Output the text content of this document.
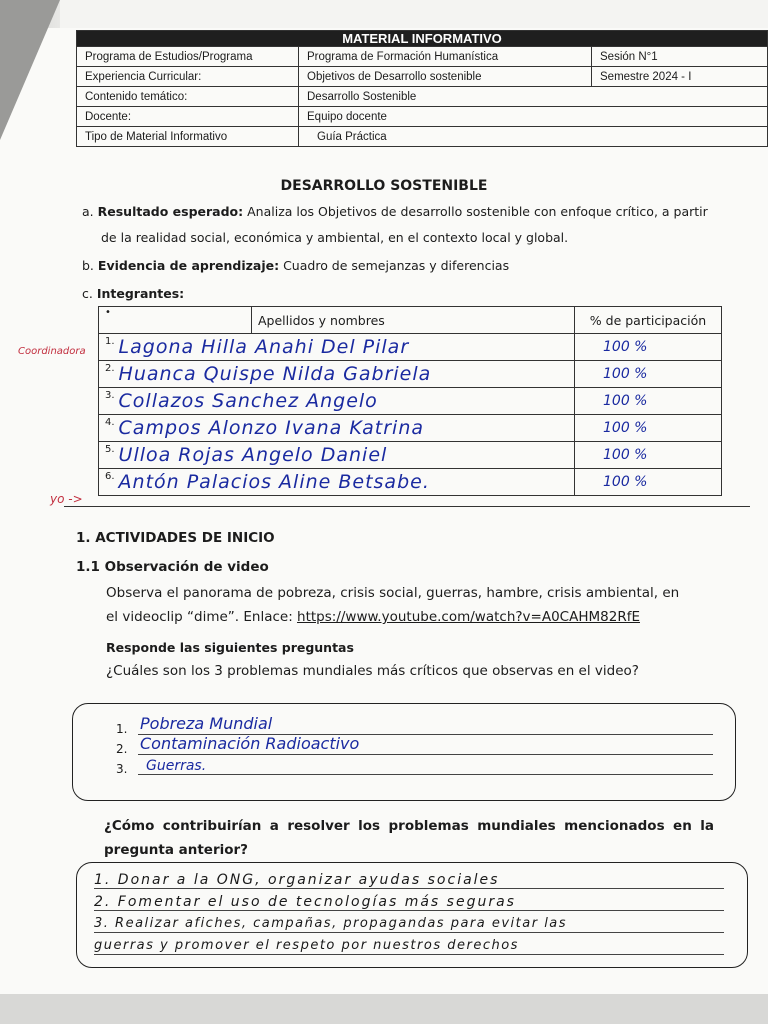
MATERIAL INFORMATIVO		
Programa de Estudios/Programa	Programa de Formación Humanística	Sesión N°1
Experiencia Curricular:	Objetivos de Desarrollo sostenible	Semestre 2024 - I
Contenido temático:	Desarrollo Sostenible	
Docente:	Equipo docente	
Tipo de Material Informativo	Guía Práctica	
DESARROLLO SOSTENIBLE
a. Resultado esperado: Analiza los Objetivos de desarrollo sostenible con enfoque crítico, a partir
de la realidad social, económica y ambiental, en el contexto local y global.
b. Evidencia de aprendizaje: Cuadro de semejanzas y diferencias
c. Integrantes:
•	Apellidos y nombres	% de participación
$^{1.}$ Lagona Hilla Anahi Del Pilar		100 %
$^{2.}$ Huanca Quispe Nilda Gabriela		100 %
$^{3.}$ Collazos Sanchez Angelo		100 %
$^{4.}$ Campos Alonzo Ivana Katrina		100 %
$^{5.}$ Ulloa Rojas Angelo Daniel		100 %
$^{6.}$ Antón Palacios Aline Betsabe.		100 %
Coordinadora
yo ->
1. ACTIVIDADES DE INICIO
1.1 Observación de video
Observa el panorama de pobreza, crisis social, guerras, hambre, crisis ambiental, en
el videoclip “dime”. Enlace: https://www.youtube.com/watch?v=A0CAHM82RfE
Responde las siguientes preguntas
¿Cuáles son los 3 problemas mundiales más críticos que observas en el video?
1. Pobreza Mundial
2. Contaminación Radioactivo
3. Guerras.
¿Cómo contribuirían a resolver los problemas mundiales mencionados en la
pregunta anterior?
1. Donar a la ONG, organizar ayudas sociales
2. Fomentar el uso de tecnologías más seguras
3. Realizar afiches, campañas, propagandas para evitar las
guerras y promover el respeto por nuestros derechos
